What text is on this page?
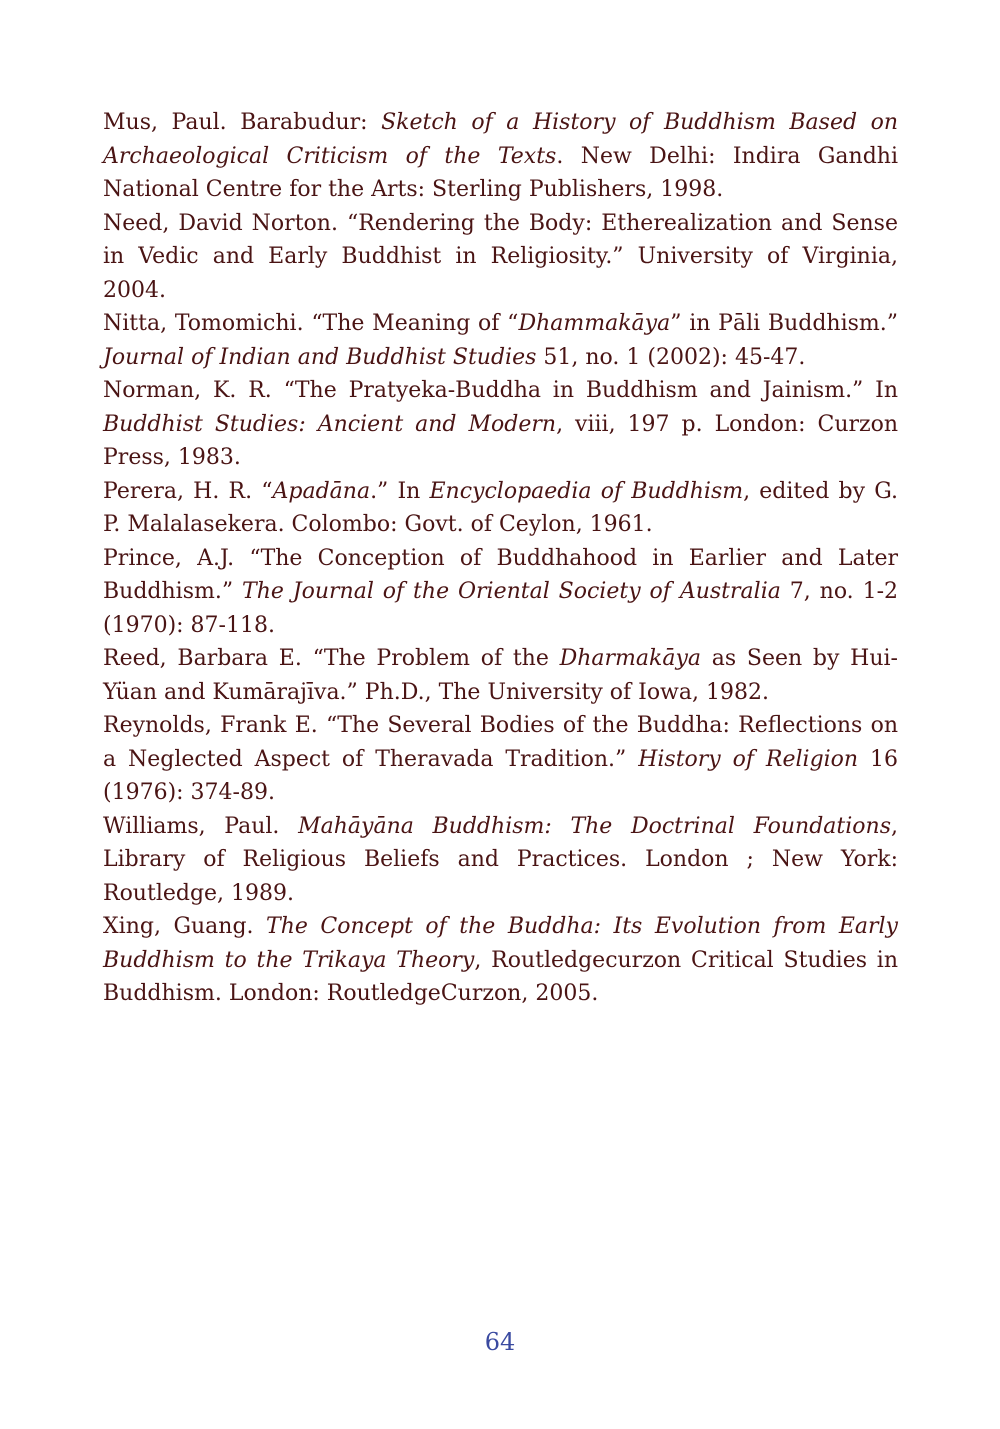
Mus, Paul. Barabudur: Sketch of a History of Buddhism Based on Archaeological Criticism of the Texts. New Delhi: Indira Gandhi National Centre for the Arts: Sterling Publishers, 1998.

Need, David Norton. “Rendering the Body: Etherealization and Sense in Vedic and Early Buddhist in Religiosity.” University of Virginia, 2004.

Nitta, Tomomichi. “The Meaning of “Dhammakāya” in Pāli Buddhism.” Journal of Indian and Buddhist Studies 51, no. 1 (2002): 45-47.

Norman, K. R. “The Pratyeka-Buddha in Buddhism and Jainism.” In Buddhist Studies: Ancient and Modern, viii, 197 p. London: Curzon Press, 1983.

Perera, H. R. “Apadāna.” In Encyclopaedia of Buddhism, edited by G. P. Malalasekera. Colombo: Govt. of Ceylon, 1961.

Prince, A.J. “The Conception of Buddhahood in Earlier and Later Buddhism.” The Journal of the Oriental Society of Australia 7, no. 1-2 (1970): 87-118.

Reed, Barbara E. “The Problem of the Dharmakāya as Seen by Hui-Yüan and Kumārajīva.” Ph.D., The University of Iowa, 1982.

Reynolds, Frank E. “The Several Bodies of the Buddha: Reflections on a Neglected Aspect of Theravada Tradition.” History of Religion 16 (1976): 374-89.

Williams, Paul. Mahāyāna Buddhism: The Doctrinal Foundations, Library of Religious Beliefs and Practices. London ; New York: Routledge, 1989.

Xing, Guang. The Concept of the Buddha: Its Evolution from Early Buddhism to the Trikaya Theory, Routledgecurzon Critical Studies in Buddhism. London: RoutledgeCurzon, 2005.

64
